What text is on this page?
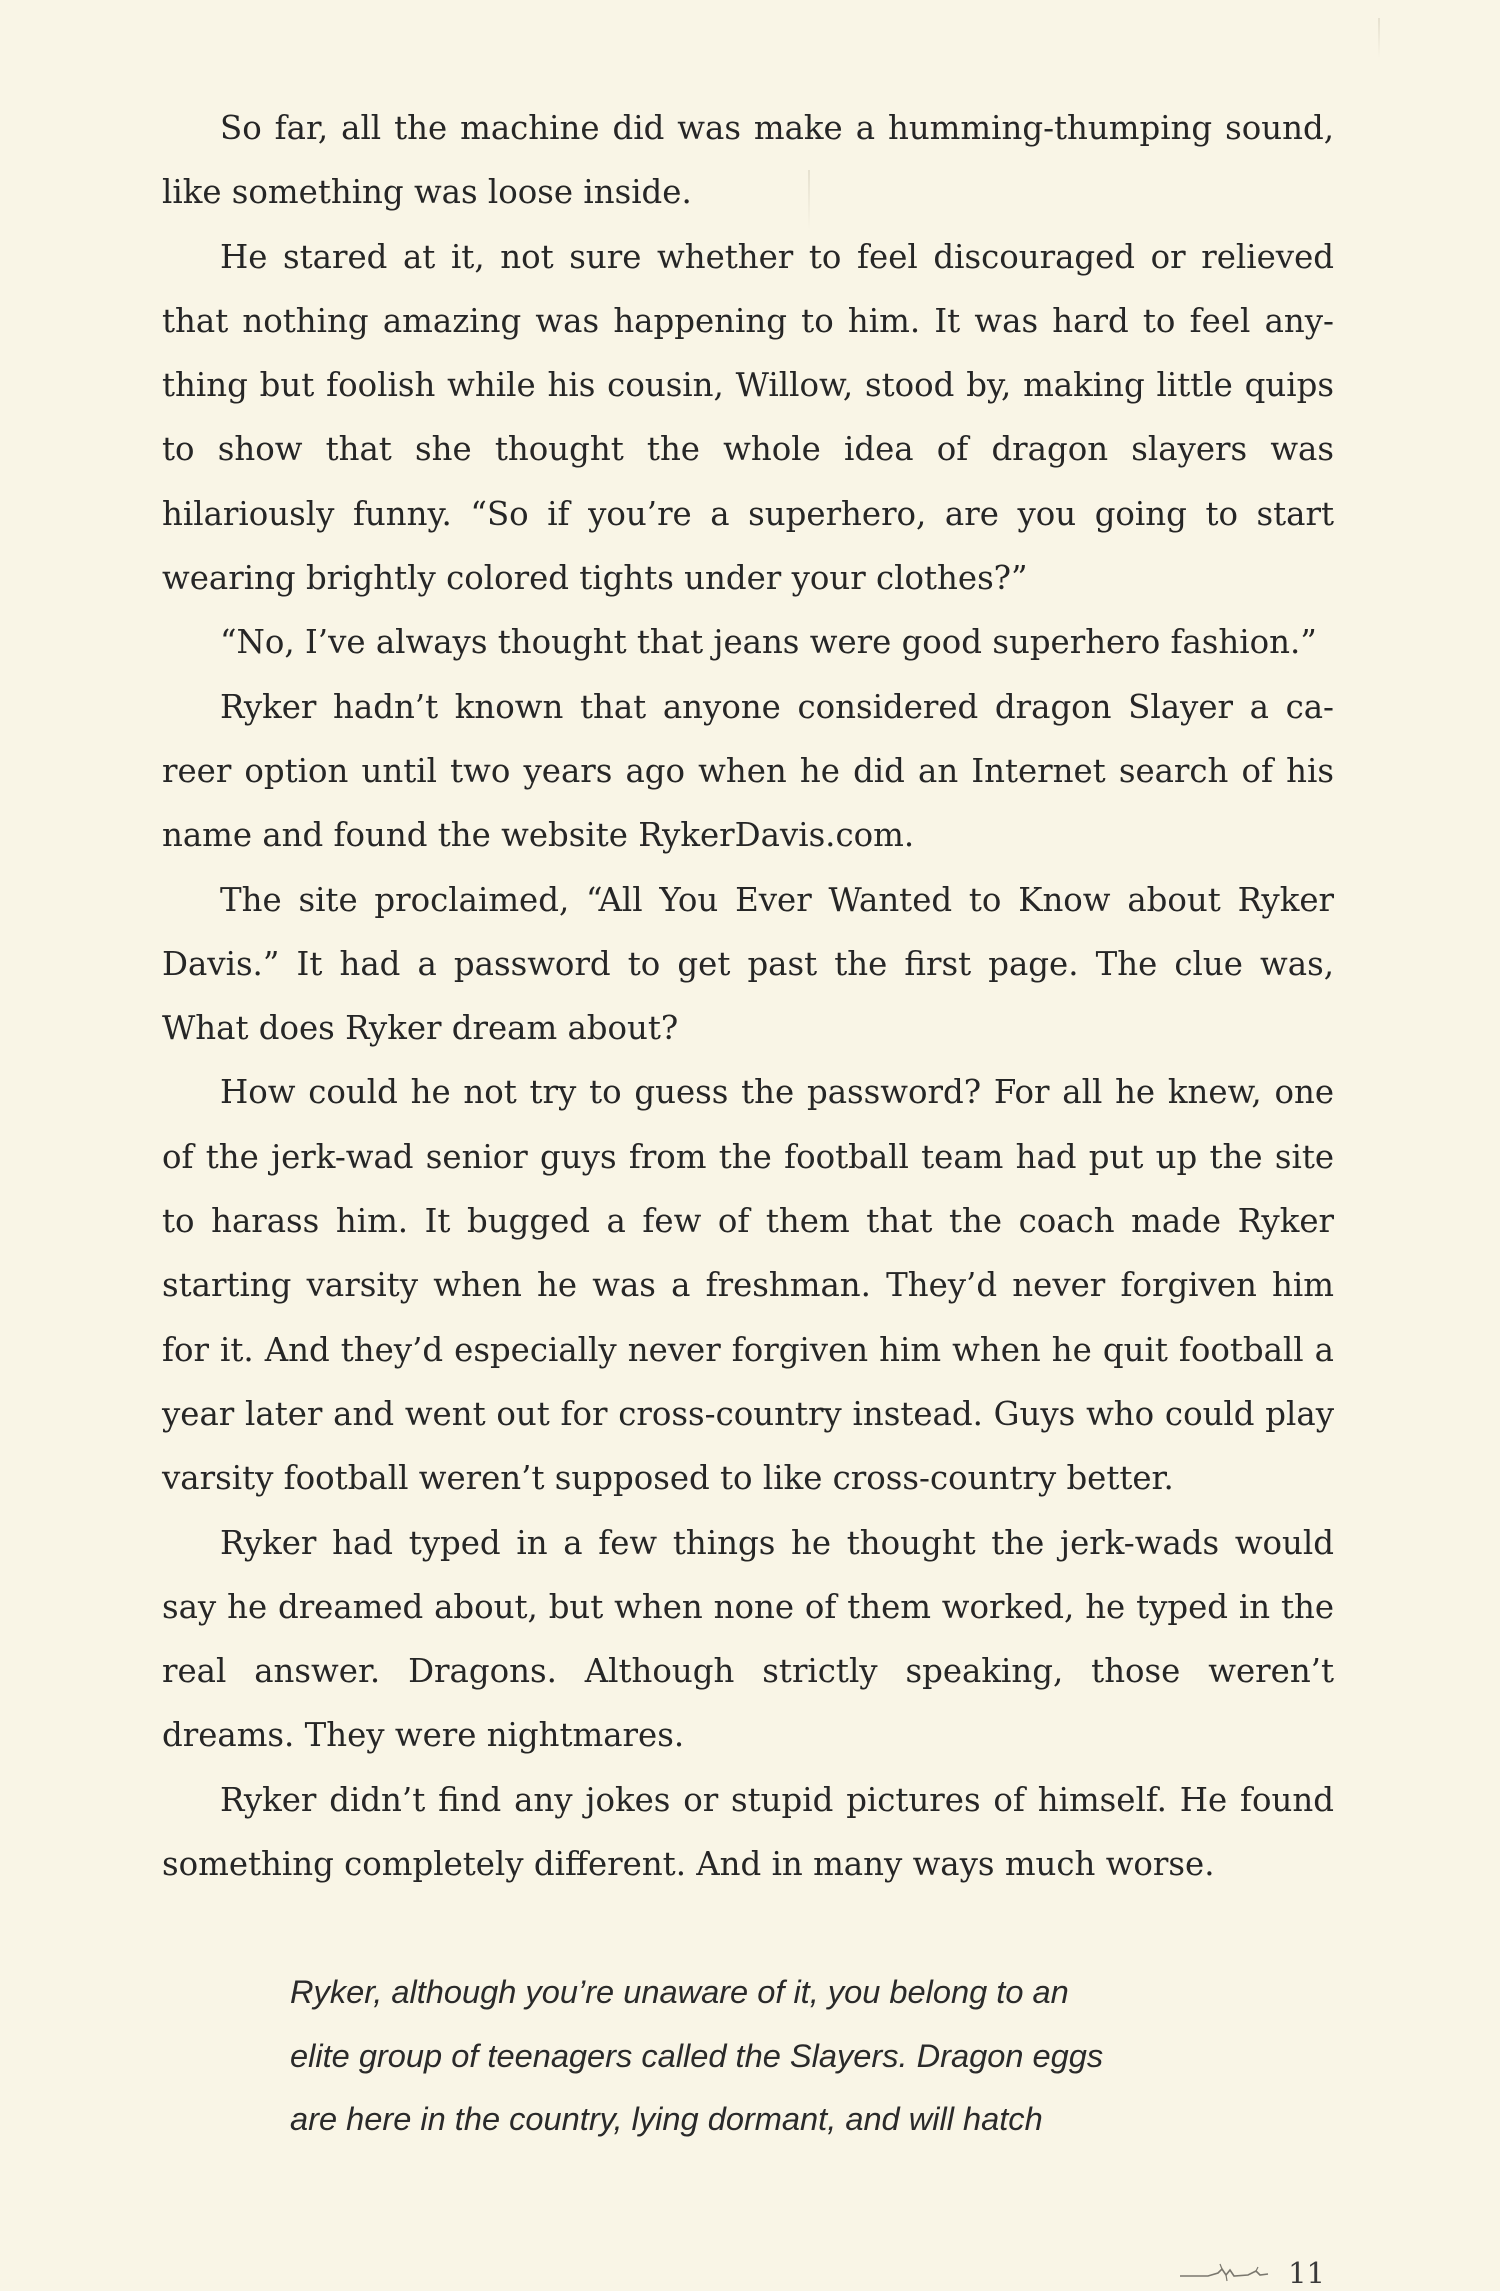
So far, all the machine did was make a humming-thumping sound, like something was loose inside.

He stared at it, not sure whether to feel discouraged or relieved that nothing amazing was happening to him. It was hard to feel any-thing but foolish while his cousin, Willow, stood by, making little quips to show that she thought the whole idea of dragon slayers was hilariously funny. “So if you’re a superhero, are you going to start wearing brightly colored tights under your clothes?”

“No, I’ve always thought that jeans were good superhero fashion.”

Ryker hadn’t known that anyone considered dragon Slayer a ca-reer option until two years ago when he did an Internet search of his name and found the website RykerDavis.com.

The site proclaimed, “All You Ever Wanted to Know about Ryker Davis.” It had a password to get past the first page. The clue was, What does Ryker dream about?

How could he not try to guess the password? For all he knew, one of the jerk-wad senior guys from the football team had put up the site to harass him. It bugged a few of them that the coach made Ryker starting varsity when he was a freshman. They’d never forgiven him for it. And they’d especially never forgiven him when he quit football a year later and went out for cross-country instead. Guys who could play varsity football weren’t supposed to like cross-country better.

Ryker had typed in a few things he thought the jerk-wads would say he dreamed about, but when none of them worked, he typed in the real answer. Dragons. Although strictly speaking, those weren’t dreams. They were nightmares.

Ryker didn’t find any jokes or stupid pictures of himself. He found something completely different. And in many ways much worse.

Ryker, although you’re unaware of it, you belong to an
elite group of teenagers called the Slayers. Dragon eggs
are here in the country, lying dormant, and will hatch
11
